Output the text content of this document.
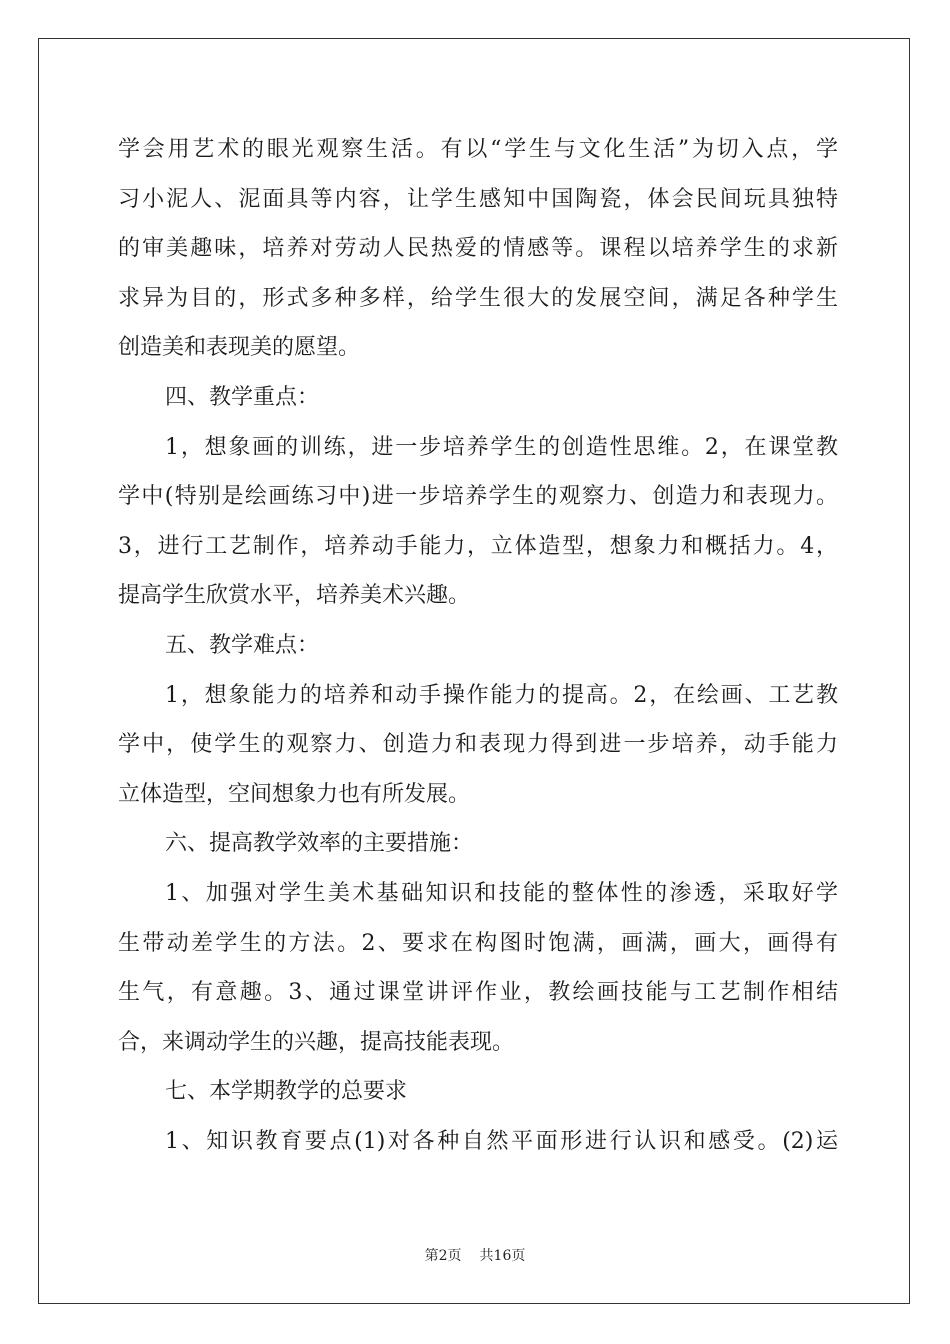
学会用艺术的眼光观察生活。有以“学生与文化生活”为切入点，学
习小泥人、泥面具等内容，让学生感知中国陶瓷，体会民间玩具独特
的审美趣味，培养对劳动人民热爱的情感等。课程以培养学生的求新
求异为目的，形式多种多样，给学生很大的发展空间，满足各种学生
创造美和表现美的愿望。
四、教学重点：
1，想象画的训练，进一步培养学生的创造性思维。2，在课堂教
学中(特别是绘画练习中)进一步培养学生的观察力、创造力和表现力。
3，进行工艺制作，培养动手能力，立体造型，想象力和概括力。4，
提高学生欣赏水平，培养美术兴趣。
五、教学难点：
1，想象能力的培养和动手操作能力的提高。2，在绘画、工艺教
学中，使学生的观察力、创造力和表现力得到进一步培养，动手能力
立体造型，空间想象力也有所发展。
六、提高教学效率的主要措施：
1、加强对学生美术基础知识和技能的整体性的渗透，采取好学
生带动差学生的方法。2、要求在构图时饱满，画满，画大，画得有
生气，有意趣。3、通过课堂讲评作业，教绘画技能与工艺制作相结
合，来调动学生的兴趣，提高技能表现。
七、本学期教学的总要求
1、知识教育要点(1)对各种自然平面形进行认识和感受。(2)运
第2页 共16页
